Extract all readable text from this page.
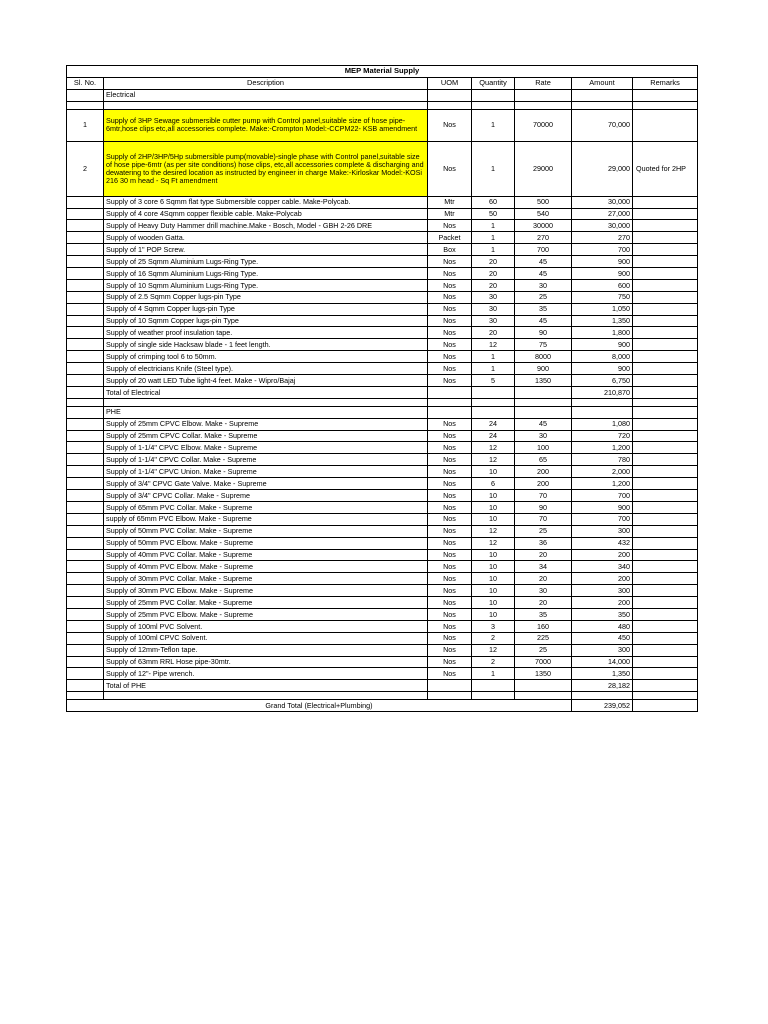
MEP Material Supply						
Sl. No.	Description	UOM	Quantity	Rate	Amount	Remarks
	Electrical					

1	Supply of 3HP Sewage submersible cutter pump with Control panel,suitable size of hose pipe-6mtr,hose clips etc,all accessories complete. Make:-Crompton Model:-CCPM22- KSB amendment	Nos	1	70000	70,000	
2	Supply of 2HP/3HP/5Hp submersible pump(movable)-single phase with Control panel,suitable size of hose pipe-6mtr (as per site conditions) hose clips, etc,all accessories complete & discharging and dewatering to the desired location as instructed by engineer in charge Make:-Kirloskar Model:-KOSi 216 30 m head - Sq Ft amendment	Nos	1	29000	29,000	Quoted for 2HP
	Supply of 3 core 6 Sqmm flat type Submersible copper cable. Make-Polycab.	Mtr	60	500	30,000	
	Supply of 4 core 4Sqmm copper flexible cable. Make-Polycab	Mtr	50	540	27,000	
	Supply of Heavy Duty Hammer drill machine.Make - Bosch, Model - GBH 2-26 DRE	Nos	1	30000	30,000	
	Supply of wooden Gatta.	Packet	1	270	270	
	Supply of 1" POP Screw.	Box	1	700	700	
	Supply of 25 Sqmm Aluminium Lugs-Ring Type.	Nos	20	45	900	
	Supply of 16 Sqmm Aluminium Lugs-Ring Type.	Nos	20	45	900	
	Supply of 10 Sqmm Aluminium Lugs-Ring Type.	Nos	20	30	600	
	Supply of 2.5 Sqmm Copper lugs-pin Type	Nos	30	25	750	
	Supply of 4 Sqmm Copper lugs-pin Type	Nos	30	35	1,050	
	Supply of 10 Sqmm Copper lugs-pin Type	Nos	30	45	1,350	
	Supply of weather proof insulation tape.	Nos	20	90	1,800	
	Supply of single side Hacksaw blade - 1 feet length.	Nos	12	75	900	
	Supply of crimping tool 6 to 50mm.	Nos	1	8000	8,000	
	Supply of electricians Knife (Steel type).	Nos	1	900	900	
	Supply of 20 watt LED Tube light-4 feet. Make - Wipro/Bajaj	Nos	5	1350	6,750	
	Total of Electrical				210,870	

	PHE					
	Supply of 25mm CPVC Elbow. Make - Supreme	Nos	24	45	1,080	
	Supply of 25mm CPVC Collar. Make - Supreme	Nos	24	30	720	
	Supply of 1-1/4" CPVC Elbow. Make - Supreme	Nos	12	100	1,200	
	Supply of 1-1/4" CPVC Collar. Make - Supreme	Nos	12	65	780	
	Supply of 1-1/4" CPVC Union. Make - Supreme	Nos	10	200	2,000	
	Supply of 3/4" CPVC Gate Valve. Make - Supreme	Nos	6	200	1,200	
	Supply of 3/4" CPVC Collar. Make - Supreme	Nos	10	70	700	
	Supply of 65mm PVC Collar. Make - Supreme	Nos	10	90	900	
	supply of 65mm PVC Elbow. Make - Supreme	Nos	10	70	700	
	Supply of 50mm PVC Collar. Make - Supreme	Nos	12	25	300	
	Supply of 50mm PVC Elbow. Make - Supreme	Nos	12	36	432	
	Supply of 40mm PVC Collar. Make - Supreme	Nos	10	20	200	
	Supply of 40mm PVC Elbow. Make - Supreme	Nos	10	34	340	
	Supply of 30mm PVC Collar. Make - Supreme	Nos	10	20	200	
	Supply of 30mm PVC Elbow. Make - Supreme	Nos	10	30	300	
	Supply of 25mm PVC Collar. Make - Supreme	Nos	10	20	200	
	Supply of 25mm PVC Elbow. Make - Supreme	Nos	10	35	350	
	Supply of 100ml PVC Solvent.	Nos	3	160	480	
	Supply of 100ml CPVC Solvent.	Nos	2	225	450	
	Supply of 12mm-Teflon tape.	Nos	12	25	300	
	Supply of 63mm RRL Hose pipe-30mtr.	Nos	2	7000	14,000	
	Supply of 12"- Pipe wrench.	Nos	1	1350	1,350	
	Total of PHE				28,182	

Grand Total (Electrical+Plumbing)					239,052	
